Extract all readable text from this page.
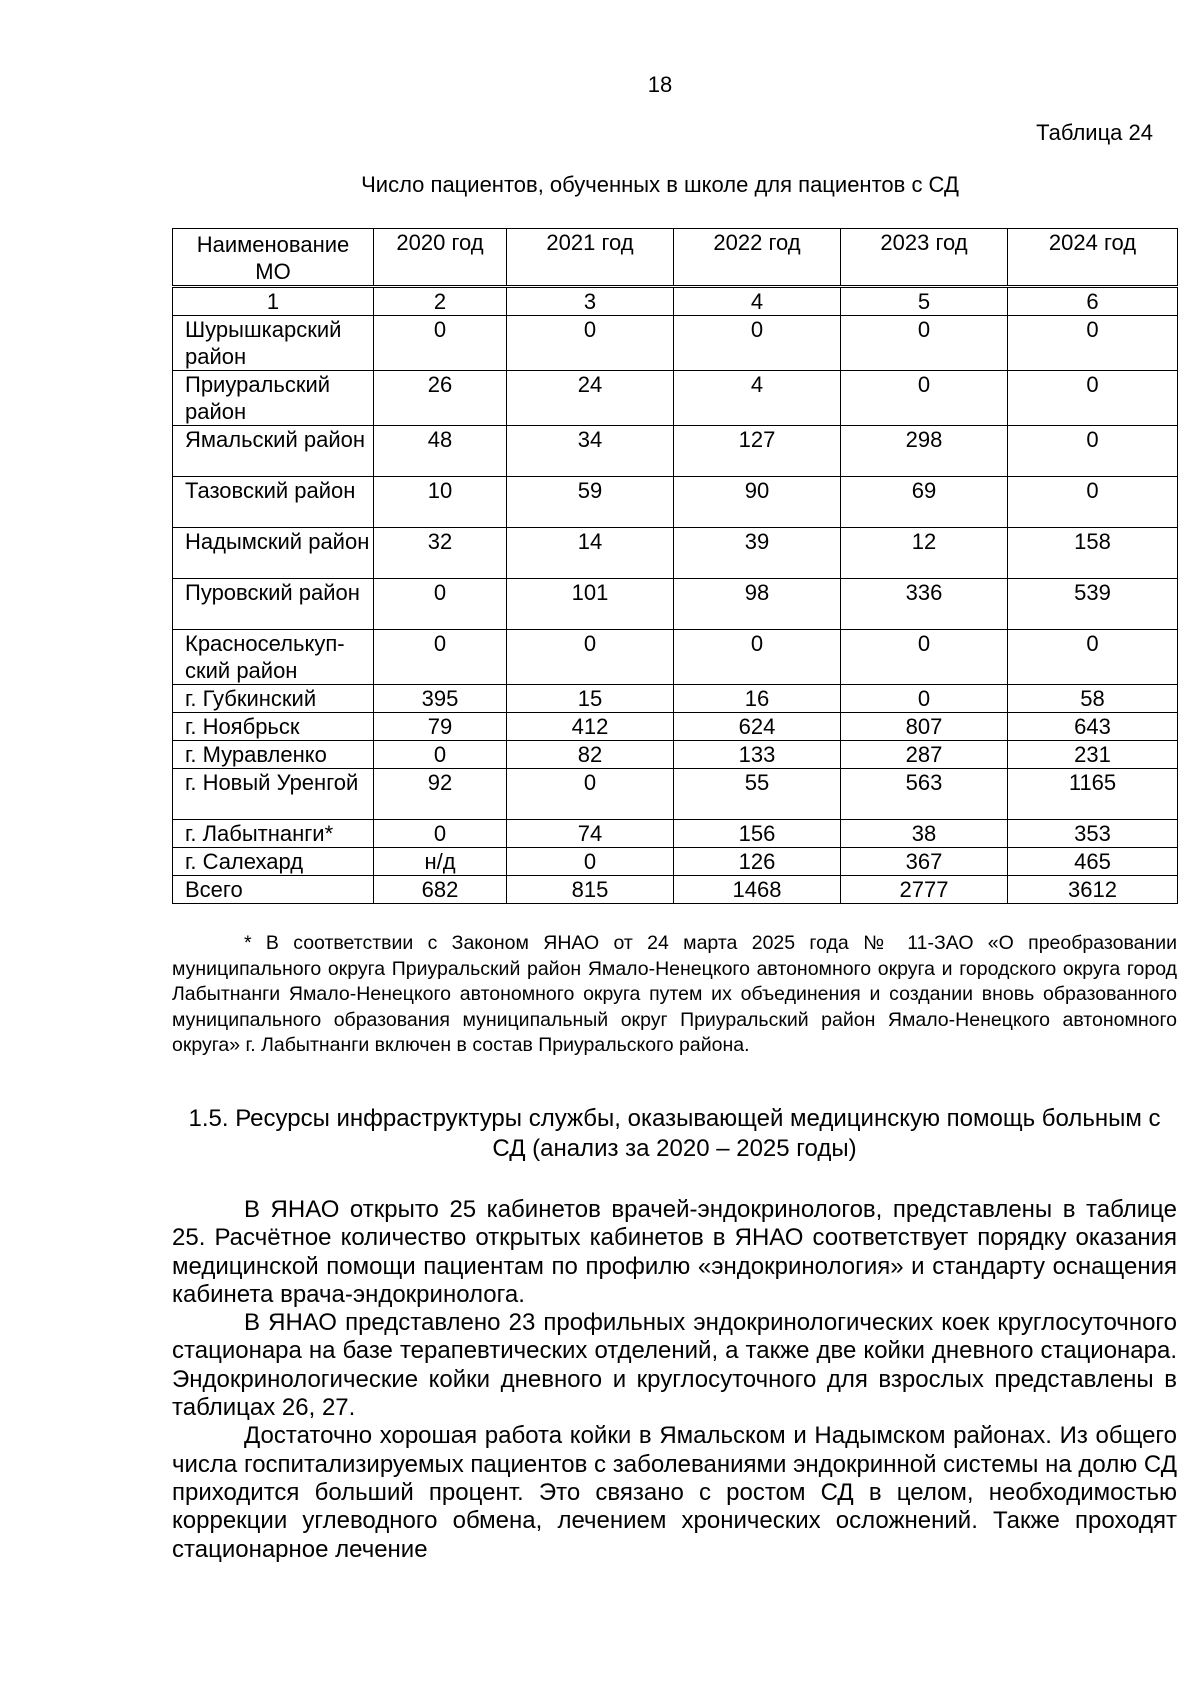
18
Таблица 24
Число пациентов, обученных в школе для пациентов с СД
Наименование МО	2020 год	2021 год	2022 год	2023 год	2024 год
1	2	3	4	5	6
Шурышкарский район	0	0	0	0	0
Приуральский район	26	24	4	0	0
Ямальский район	48	34	127	298	0
Тазовский район	10	59	90	69	0
Надымский район	32	14	39	12	158
Пуровский район	0	101	98	336	539
Красноселькуп-ский район	0	0	0	0	0
г. Губкинский	395	15	16	0	58
г. Ноябрьск	79	412	624	807	643
г. Муравленко	0	82	133	287	231
г. Новый Уренгой	92	0	55	563	1165
г. Лабытнанги*	0	74	156	38	353
г. Салехард	н/д	0	126	367	465
Всего	682	815	1468	2777	3612

* В соответствии с Законом ЯНАО от 24 марта 2025 года № 11-ЗАО «О преобразовании муниципального округа Приуральский район Ямало-Ненецкого автономного округа и городского округа город Лабытнанги Ямало-Ненецкого автономного округа путем их объединения и создании вновь образованного муниципального образования муниципальный округ Приуральский район Ямало-Ненецкого автономного округа» г. Лабытнанги включен в состав Приуральского района.

1.5. Ресурсы инфраструктуры службы, оказывающей медицинскую помощь больным с СД (анализ за 2020 – 2025 годы)

В ЯНАО открыто 25 кабинетов врачей-эндокринологов, представлены в таблице 25. Расчётное количество открытых кабинетов в ЯНАО соответствует порядку оказания медицинской помощи пациентам по профилю «эндокринология» и стандарту оснащения кабинета врача-эндокринолога.

В ЯНАО представлено 23 профильных эндокринологических коек круглосуточного стационара на базе терапевтических отделений, а также две койки дневного стационара. Эндокринологические койки дневного и круглосуточного для взрослых представлены в таблицах 26, 27.

Достаточно хорошая работа койки в Ямальском и Надымском районах. Из общего числа госпитализируемых пациентов с заболеваниями эндокринной системы на долю СД приходится больший процент. Это связано с ростом СД в целом, необходимостью коррекции углеводного обмена, лечением хронических осложнений. Также проходят стационарное лечение
